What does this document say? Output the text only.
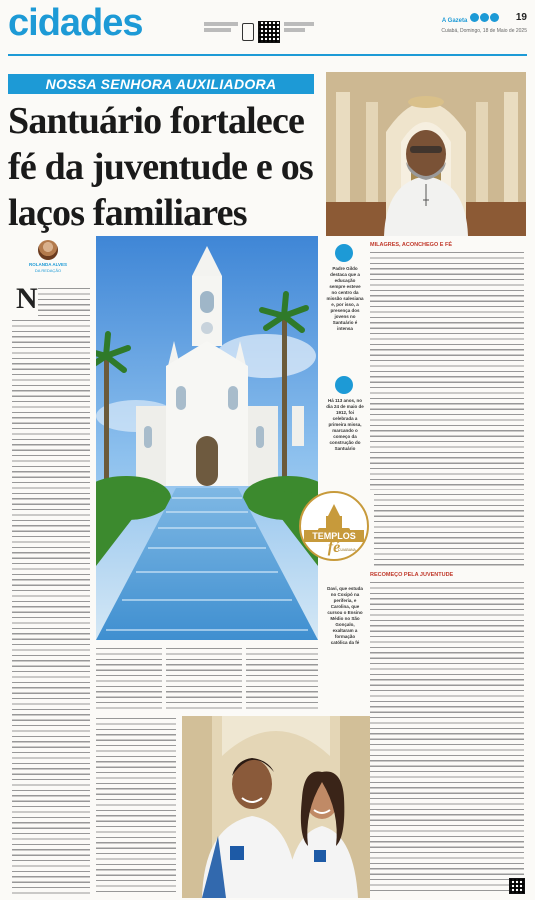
cidades	A Gazeta	19
Cuiabá, Domingo, 18 de Maio de 2025
NOSSA SENHORA AUXILIADORA
Santuário fortalece fé da juventude e os laços familiares
ROLANDA ALVES
DA REDAÇÃO
N
Padre Gildo destaca que a educação sempre esteve no centro da missão salesiana e, por isso, a presença dos jovens no Santuário é intensa
Há 113 anos, no dia 24 de maio de 1912, foi celebrada a primeira missa, marcando o começo da construção do Santuário
Davi, que estuda no Coxipó na periferia, e Carolina, que cursou o Ensino Médio no São Gonçalo, exaltaram a formação católica da fé
MILAGRES, ACONCHEGO E FÉ
RECOMEÇO PELA JUVENTUDE
TEMPLOS
fé
CUIABANA
